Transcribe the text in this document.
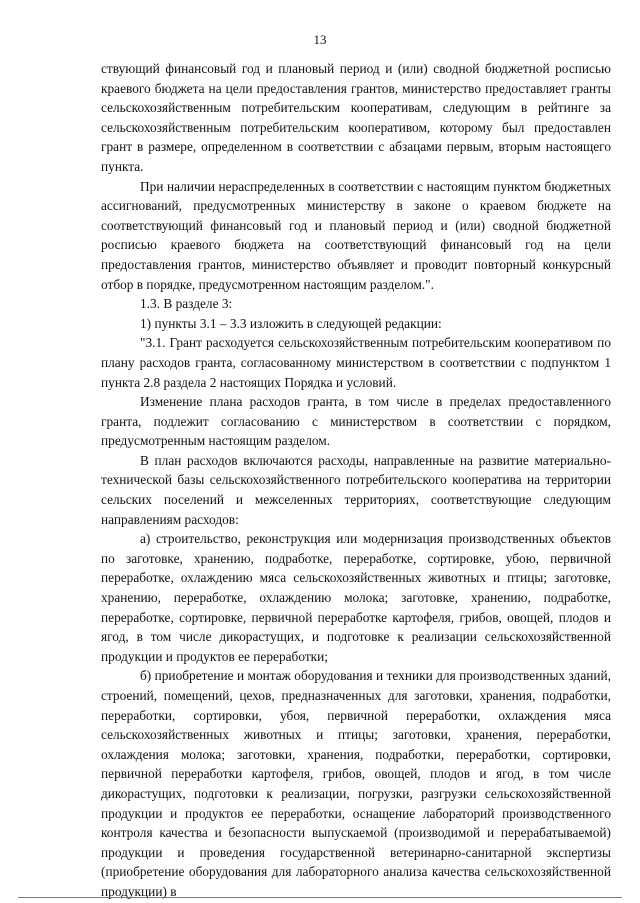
13

ствующий финансовый год и плановый период и (или) сводной бюджетной росписью краевого бюджета на цели предоставления грантов, министерство предоставляет гранты сельскохозяйственным потребительским кооперативам, следующим в рейтинге за сельскохозяйственным потребительским кооперативом, которому был предоставлен грант в размере, определенном в соответствии с абзацами первым, вторым настоящего пункта.

При наличии нераспределенных в соответствии с настоящим пунктом бюджетных ассигнований, предусмотренных министерству в законе о краевом бюджете на соответствующий финансовый год и плановый период и (или) сводной бюджетной росписью краевого бюджета на соответствующий финансовый год на цели предоставления грантов, министерство объявляет и проводит повторный конкурсный отбор в порядке, предусмотренном настоящим разделом.".

1.3. В разделе 3:

1) пункты 3.1 – 3.3 изложить в следующей редакции:

"3.1. Грант расходуется сельскохозяйственным потребительским кооперативом по плану расходов гранта, согласованному министерством в соответствии с подпунктом 1 пункта 2.8 раздела 2 настоящих Порядка и условий.

Изменение плана расходов гранта, в том числе в пределах предоставленного гранта, подлежит согласованию с министерством в соответствии с порядком, предусмотренным настоящим разделом.

В план расходов включаются расходы, направленные на развитие материально-технической базы сельскохозяйственного потребительского кооператива на территории сельских поселений и межселенных территориях, соответствующие следующим направлениям расходов:

а) строительство, реконструкция или модернизация производственных объектов по заготовке, хранению, подработке, переработке, сортировке, убою, первичной переработке, охлаждению мяса сельскохозяйственных животных и птицы; заготовке, хранению, переработке, охлаждению молока; заготовке, хранению, подработке, переработке, сортировке, первичной переработке картофеля, грибов, овощей, плодов и ягод, в том числе дикорастущих, и подготовке к реализации сельскохозяйственной продукции и продуктов ее переработки;

б) приобретение и монтаж оборудования и техники для производственных зданий, строений, помещений, цехов, предназначенных для заготовки, хранения, подработки, переработки, сортировки, убоя, первичной переработки, охлаждения мяса сельскохозяйственных животных и птицы; заготовки, хранения, переработки, охлаждения молока; заготовки, хранения, подработки, переработки, сортировки, первичной переработки картофеля, грибов, овощей, плодов и ягод, в том числе дикорастущих, подготовки к реализации, погрузки, разгрузки сельскохозяйственной продукции и продуктов ее переработки, оснащение лабораторий производственного контроля качества и безопасности выпускаемой (производимой и перерабатываемой) продукции и проведения государственной ветеринарно-санитарной экспертизы (приобретение оборудования для лабораторного анализа качества сельскохозяйственной продукции) в
